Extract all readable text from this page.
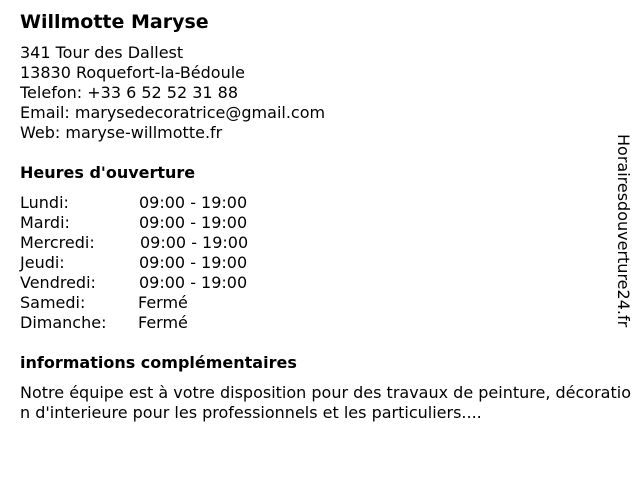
Willmotte Maryse
341 Tour des Dallest
13830 Roquefort-la-Bédoule
Telefon: +33 6 52 52 31 88
Email: marysedecoratrice@gmail.com
Web: maryse-willmotte.fr
Heures d'ouverture
Lundi:	09:00 - 19:00
Mardi:	09:00 - 19:00
Mercredi:	09:00 - 19:00
Jeudi:	09:00 - 19:00
Vendredi:	09:00 - 19:00
Samedi:	Fermé
Dimanche: Fermé
informations complémentaires

Notre équipe est à votre disposition pour des travaux de peinture, décoration d'interieure pour les professionnels et les particuliers....

Horairesdouverture24.fr
